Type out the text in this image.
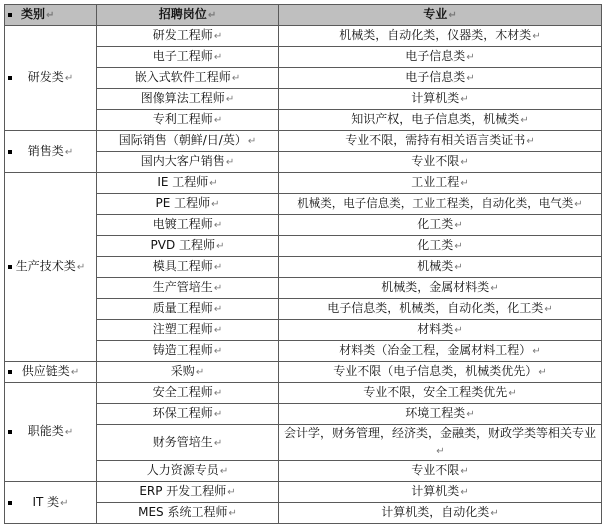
类别↵	招聘岗位↵	专业↵

研发类↵	研发工程师↵	机械类，自动化类，仪器类，木材类↵
	电子工程师↵	电子信息类↵
	嵌入式软件工程师↵	电子信息类↵
	图像算法工程师↵	计算机类↵
	专利工程师↵	知识产权，电子信息类，机械类↵

销售类↵	国际销售（朝鲜/日/英）↵	专业不限，需持有相关语言类证书↵
	国内大客户销售↵	专业不限↵

生产技术类↵	IE 工程师↵	工业工程↵
	PE 工程师↵	机械类，电子信息类，工业工程类，自动化类，电气类↵
	电镀工程师↵	化工类↵
	PVD 工程师↵	化工类↵
	模具工程师↵	机械类↵
	生产管培生↵	机械类，金属材料类↵
	质量工程师↵	电子信息类，机械类，自动化类，化工类↵
	注塑工程师↵	材料类↵
	铸造工程师↵	材料类（冶金工程，金属材料工程）↵

供应链类↵	采购↵	专业不限（电子信息类，机械类优先）↵

职能类↵	安全工程师↵	专业不限，安全工程类优先↵
	环保工程师↵	环境工程类↵
	财务管培生↵	会计学，财务管理，经济类，金融类，财政学类等相关专业↵
	人力资源专员↵	专业不限↵

IT 类↵	ERP 开发工程师↵	计算机类↵
	MES 系统工程师↵	计算机类，自动化类↵
